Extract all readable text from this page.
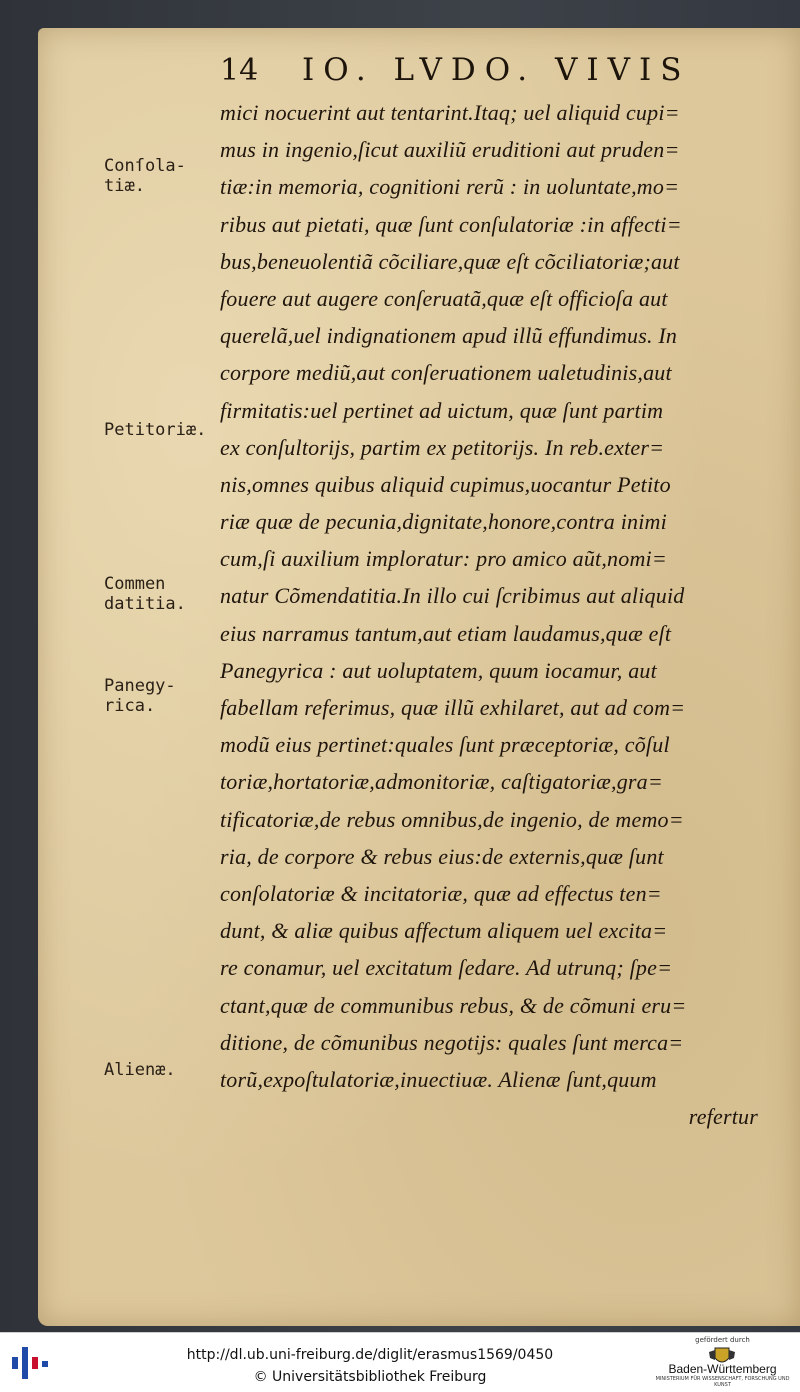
14	IO. LVDO. VIVIS
mici nocuerint aut tentarint.Itaq; uel aliquid cupi=
mus in ingenio,ſicut auxiliũ eruditioni aut pruden=
tiæ:in memoria, cognitioni rerũ : in uoluntate,mo=
ribus aut pietati, quæ ſunt conſulatoriæ :in affecti=
bus,beneuolentiã cõciliare,quæ eſt cõciliatoriæ;aut
fouere aut augere conſeruatã,quæ eſt officioſa aut
querelã,uel indignationem apud illũ effundimus. In
corpore mediũ,aut conſeruationem ualetudinis,aut
firmitatis:uel pertinet ad uictum, quæ ſunt partim
ex conſultorijs, partim ex petitorijs. In reb.exter=
nis,omnes quibus aliquid cupimus,uocantur Petito
riæ quæ de pecunia,dignitate,honore,contra inimi
cum,ſi auxilium imploratur: pro amico aũt,nomi=
natur Cõmendatitia.In illo cui ſcribimus aut aliquid
eius narramus tantum,aut etiam laudamus,quæ eſt
Panegyrica : aut uoluptatem, quum iocamur, aut
fabellam referimus, quæ illũ exhilaret, aut ad com=
modũ eius pertinet:quales ſunt præceptoriæ, cõſul
toriæ,hortatoriæ,admonitoriæ, caſtigatoriæ,gra=
tificatoriæ,de rebus omnibus,de ingenio, de memo=
ria, de corpore & rebus eius:de externis,quæ ſunt
conſolatoriæ & incitatoriæ, quæ ad effectus ten=
dunt, & aliæ quibus affectum aliquem uel excita=
re conamur, uel excitatum ſedare. Ad utrunq; ſpe=
ctant,quæ de communibus rebus, & de cõmuni eru=
ditione, de cõmunibus negotijs: quales ſunt merca=
torũ,expoſtulatoriæ,inuectiuæ. Alienæ ſunt,quum
refertur
Conſola-
tiæ.
Petitoriæ.
Commen
datitia.
Panegy-
rica.
Alienæ.
http://dl.ub.uni-freiburg.de/diglit/erasmus1569/0450
© Universitätsbibliothek Freiburg
gefördert durch
Baden-Württemberg
MINISTERIUM FÜR WISSENSCHAFT, FORSCHUNG UND KUNST
